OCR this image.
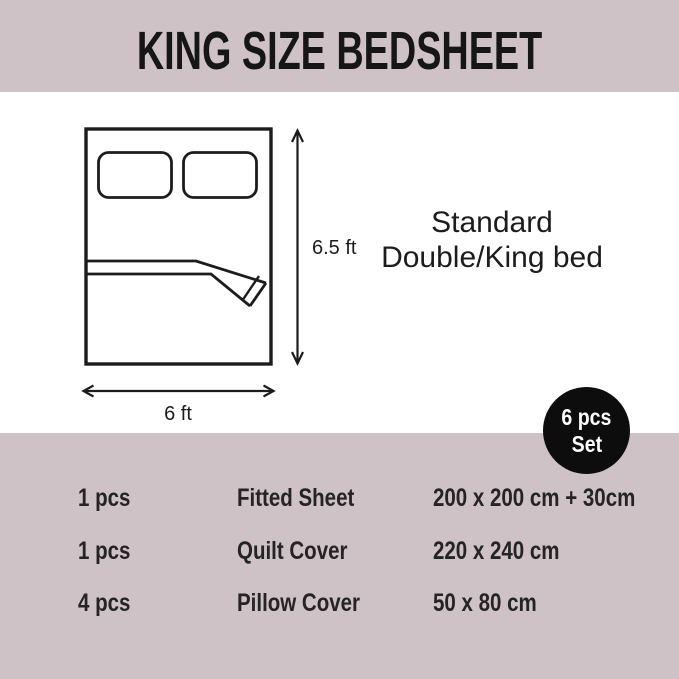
KING SIZE BEDSHEET
6.5 ft
6 ft
Standard
Double/King bed
6 pcs
Set
1 pcs	Fitted Sheet	200 x 200 cm + 30cm
1 pcs	Quilt Cover	220 x 240 cm
4 pcs	Pillow Cover	50 x 80 cm
